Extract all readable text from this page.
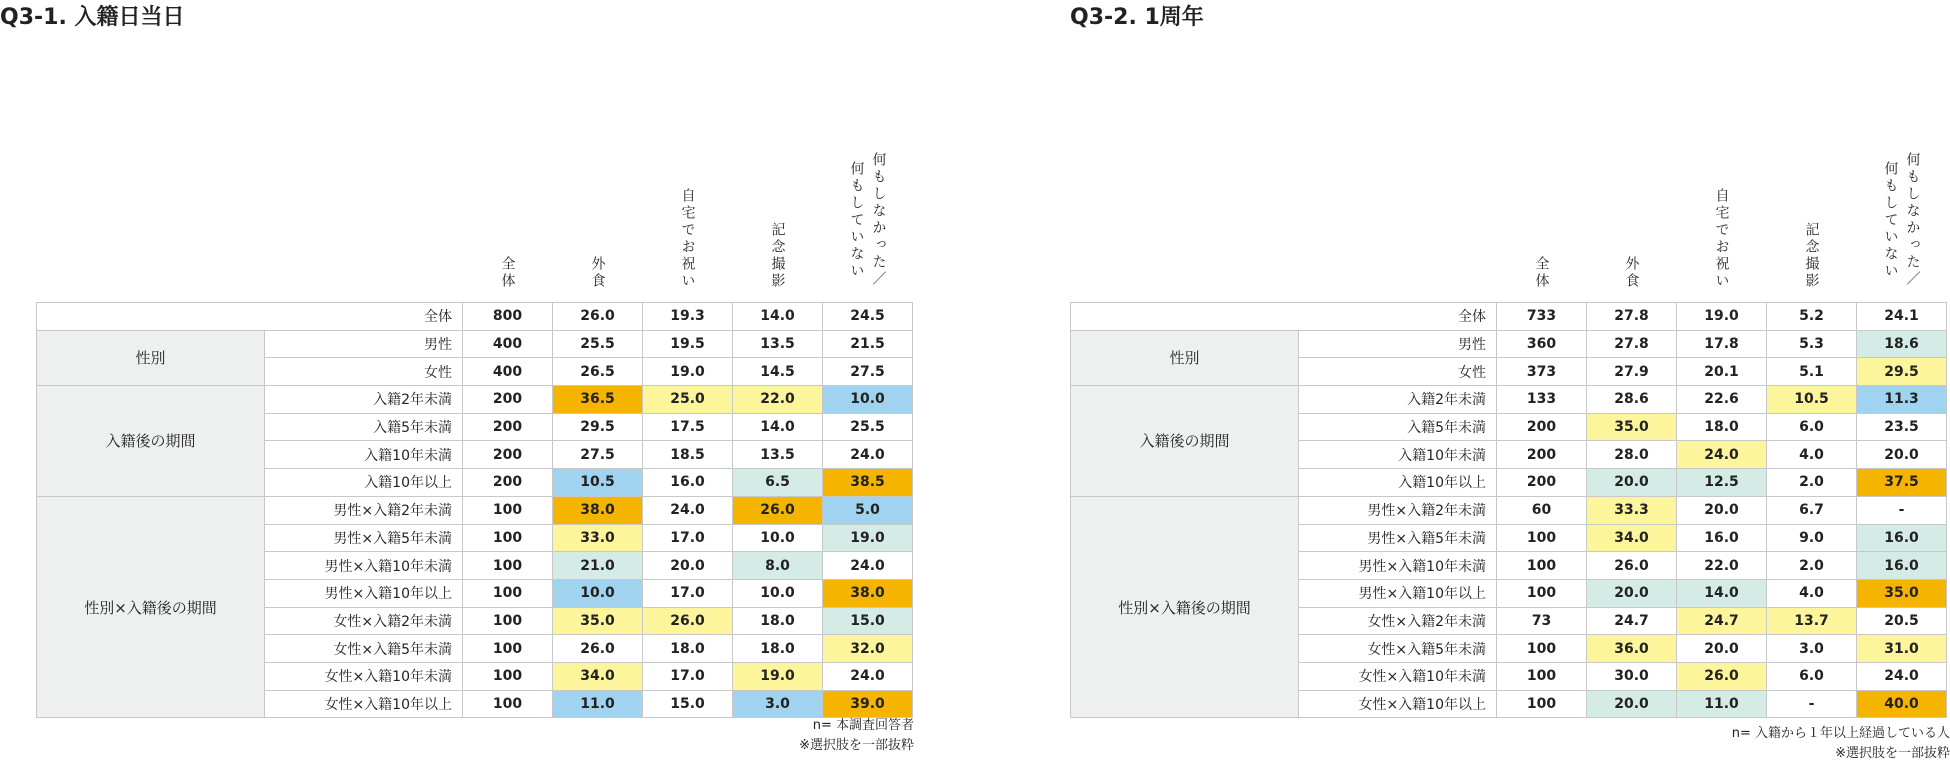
Q3-1. 入籍日当日	Q3-2. 1周年
		全体	外食	自宅でお祝い	記念撮影	何もしなかった／何もしていない
全体		800	26.0	19.3	14.0	24.5
性別	男性	400	25.5	19.5	13.5	21.5
	女性	400	26.5	19.0	14.5	27.5
入籍後の期間	入籍2年未満	200	36.5	25.0	22.0	10.0
	入籍5年未満	200	29.5	17.5	14.0	25.5
	入籍10年未満	200	27.5	18.5	13.5	24.0
	入籍10年以上	200	10.5	16.0	6.5	38.5
性別×入籍後の期間	男性×入籍2年未満	100	38.0	24.0	26.0	5.0
	男性×入籍5年未満	100	33.0	17.0	10.0	19.0
	男性×入籍10年未満	100	21.0	20.0	8.0	24.0
	男性×入籍10年以上	100	10.0	17.0	10.0	38.0
	女性×入籍2年未満	100	35.0	26.0	18.0	15.0
	女性×入籍5年未満	100	26.0	18.0	18.0	32.0
	女性×入籍10年未満	100	34.0	17.0	19.0	24.0
	女性×入籍10年以上	100	11.0	15.0	3.0	39.0
		全体	外食	自宅でお祝い	記念撮影	何もしなかった／何もしていない
全体		733	27.8	19.0	5.2	24.1
性別	男性	360	27.8	17.8	5.3	18.6
	女性	373	27.9	20.1	5.1	29.5
入籍後の期間	入籍2年未満	133	28.6	22.6	10.5	11.3
	入籍5年未満	200	35.0	18.0	6.0	23.5
	入籍10年未満	200	28.0	24.0	4.0	20.0
	入籍10年以上	200	20.0	12.5	2.0	37.5
性別×入籍後の期間	男性×入籍2年未満	60	33.3	20.0	6.7	-
	男性×入籍5年未満	100	34.0	16.0	9.0	16.0
	男性×入籍10年未満	100	26.0	22.0	2.0	16.0
	男性×入籍10年以上	100	20.0	14.0	4.0	35.0
	女性×入籍2年未満	73	24.7	24.7	13.7	20.5
	女性×入籍5年未満	100	36.0	20.0	3.0	31.0
	女性×入籍10年未満	100	30.0	26.0	6.0	24.0
	女性×入籍10年以上	100	20.0	11.0	-	40.0

n= 本調査回答者

※選択肢を一部抜粋

n= 入籍から１年以上経過している人

※選択肢を一部抜粋
